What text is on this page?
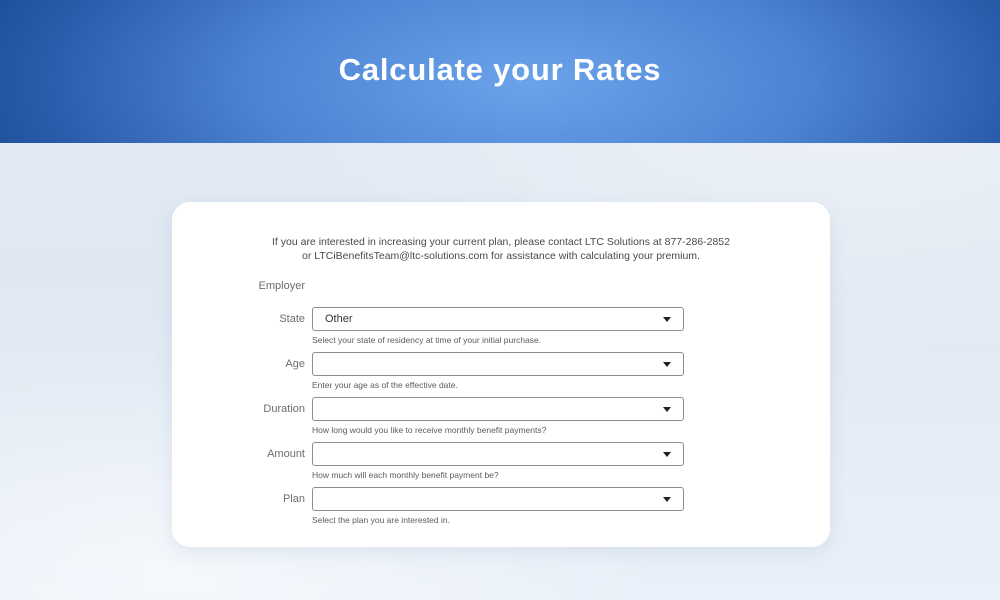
Calculate your Rates
If you are interested in increasing your current plan, please contact LTC Solutions at 877-286-2852
or LTCiBenefitsTeam@ltc-solutions.com for assistance with calculating your premium.
Employer
State Other
Select your state of residency at time of your initial purchase.
Age
Enter your age as of the effective date.
Duration
How long would you like to receive monthly benefit payments?
Amount
How much will each monthly benefit payment be?
Plan
Select the plan you are interested in.
